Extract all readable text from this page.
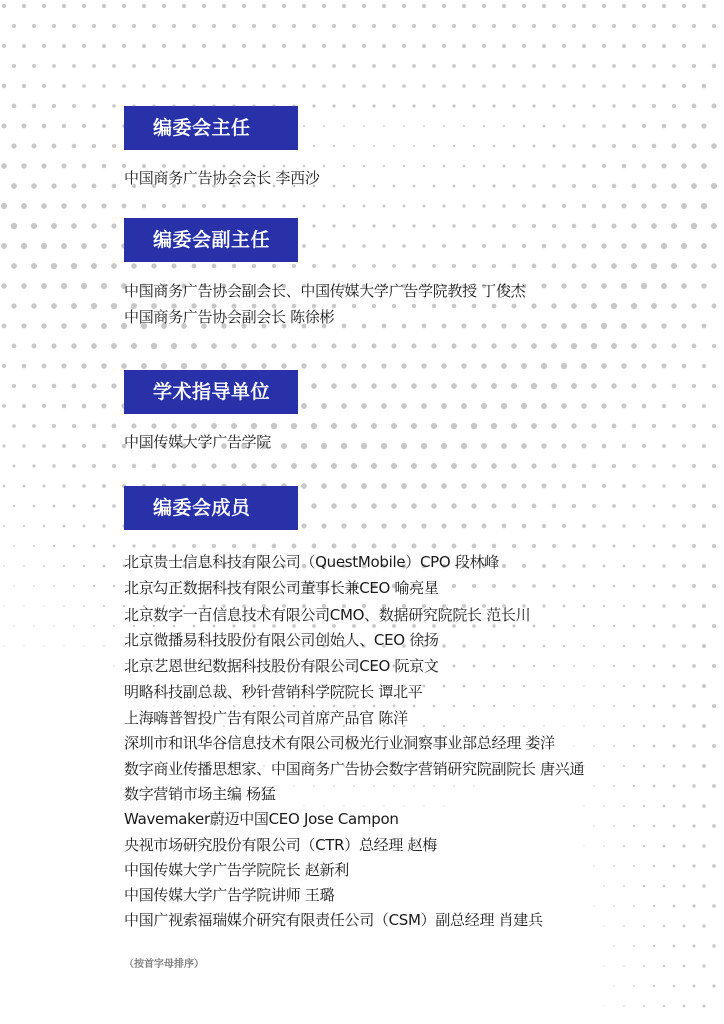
编委会主任
中国商务广告协会会长 李西沙
编委会副主任
中国商务广告协会副会长、中国传媒大学广告学院教授 丁俊杰
中国商务广告协会副会长 陈徐彬
学术指导单位
中国传媒大学广告学院
编委会成员
北京贵士信息科技有限公司（QuestMobile）CPO 段林峰
北京勾正数据科技有限公司董事长兼CEO 喻亮星
北京数字一百信息技术有限公司CMO、数据研究院院长 范长川
北京微播易科技股份有限公司创始人、CEO 徐扬
北京艺恩世纪数据科技股份有限公司CEO 阮京文
明略科技副总裁、秒针营销科学院院长 谭北平
上海嗨普智投广告有限公司首席产品官 陈洋
深圳市和讯华谷信息技术有限公司极光行业洞察事业部总经理 娄洋
数字商业传播思想家、中国商务广告协会数字营销研究院副院长 唐兴通
数字营销市场主编 杨猛
Wavemaker蔚迈中国CEO Jose Campon
央视市场研究股份有限公司（CTR）总经理 赵梅
中国传媒大学广告学院院长 赵新利
中国传媒大学广告学院讲师 王璐
中国广视索福瑞媒介研究有限责任公司（CSM）副总经理 肖建兵
（按首字母排序）
